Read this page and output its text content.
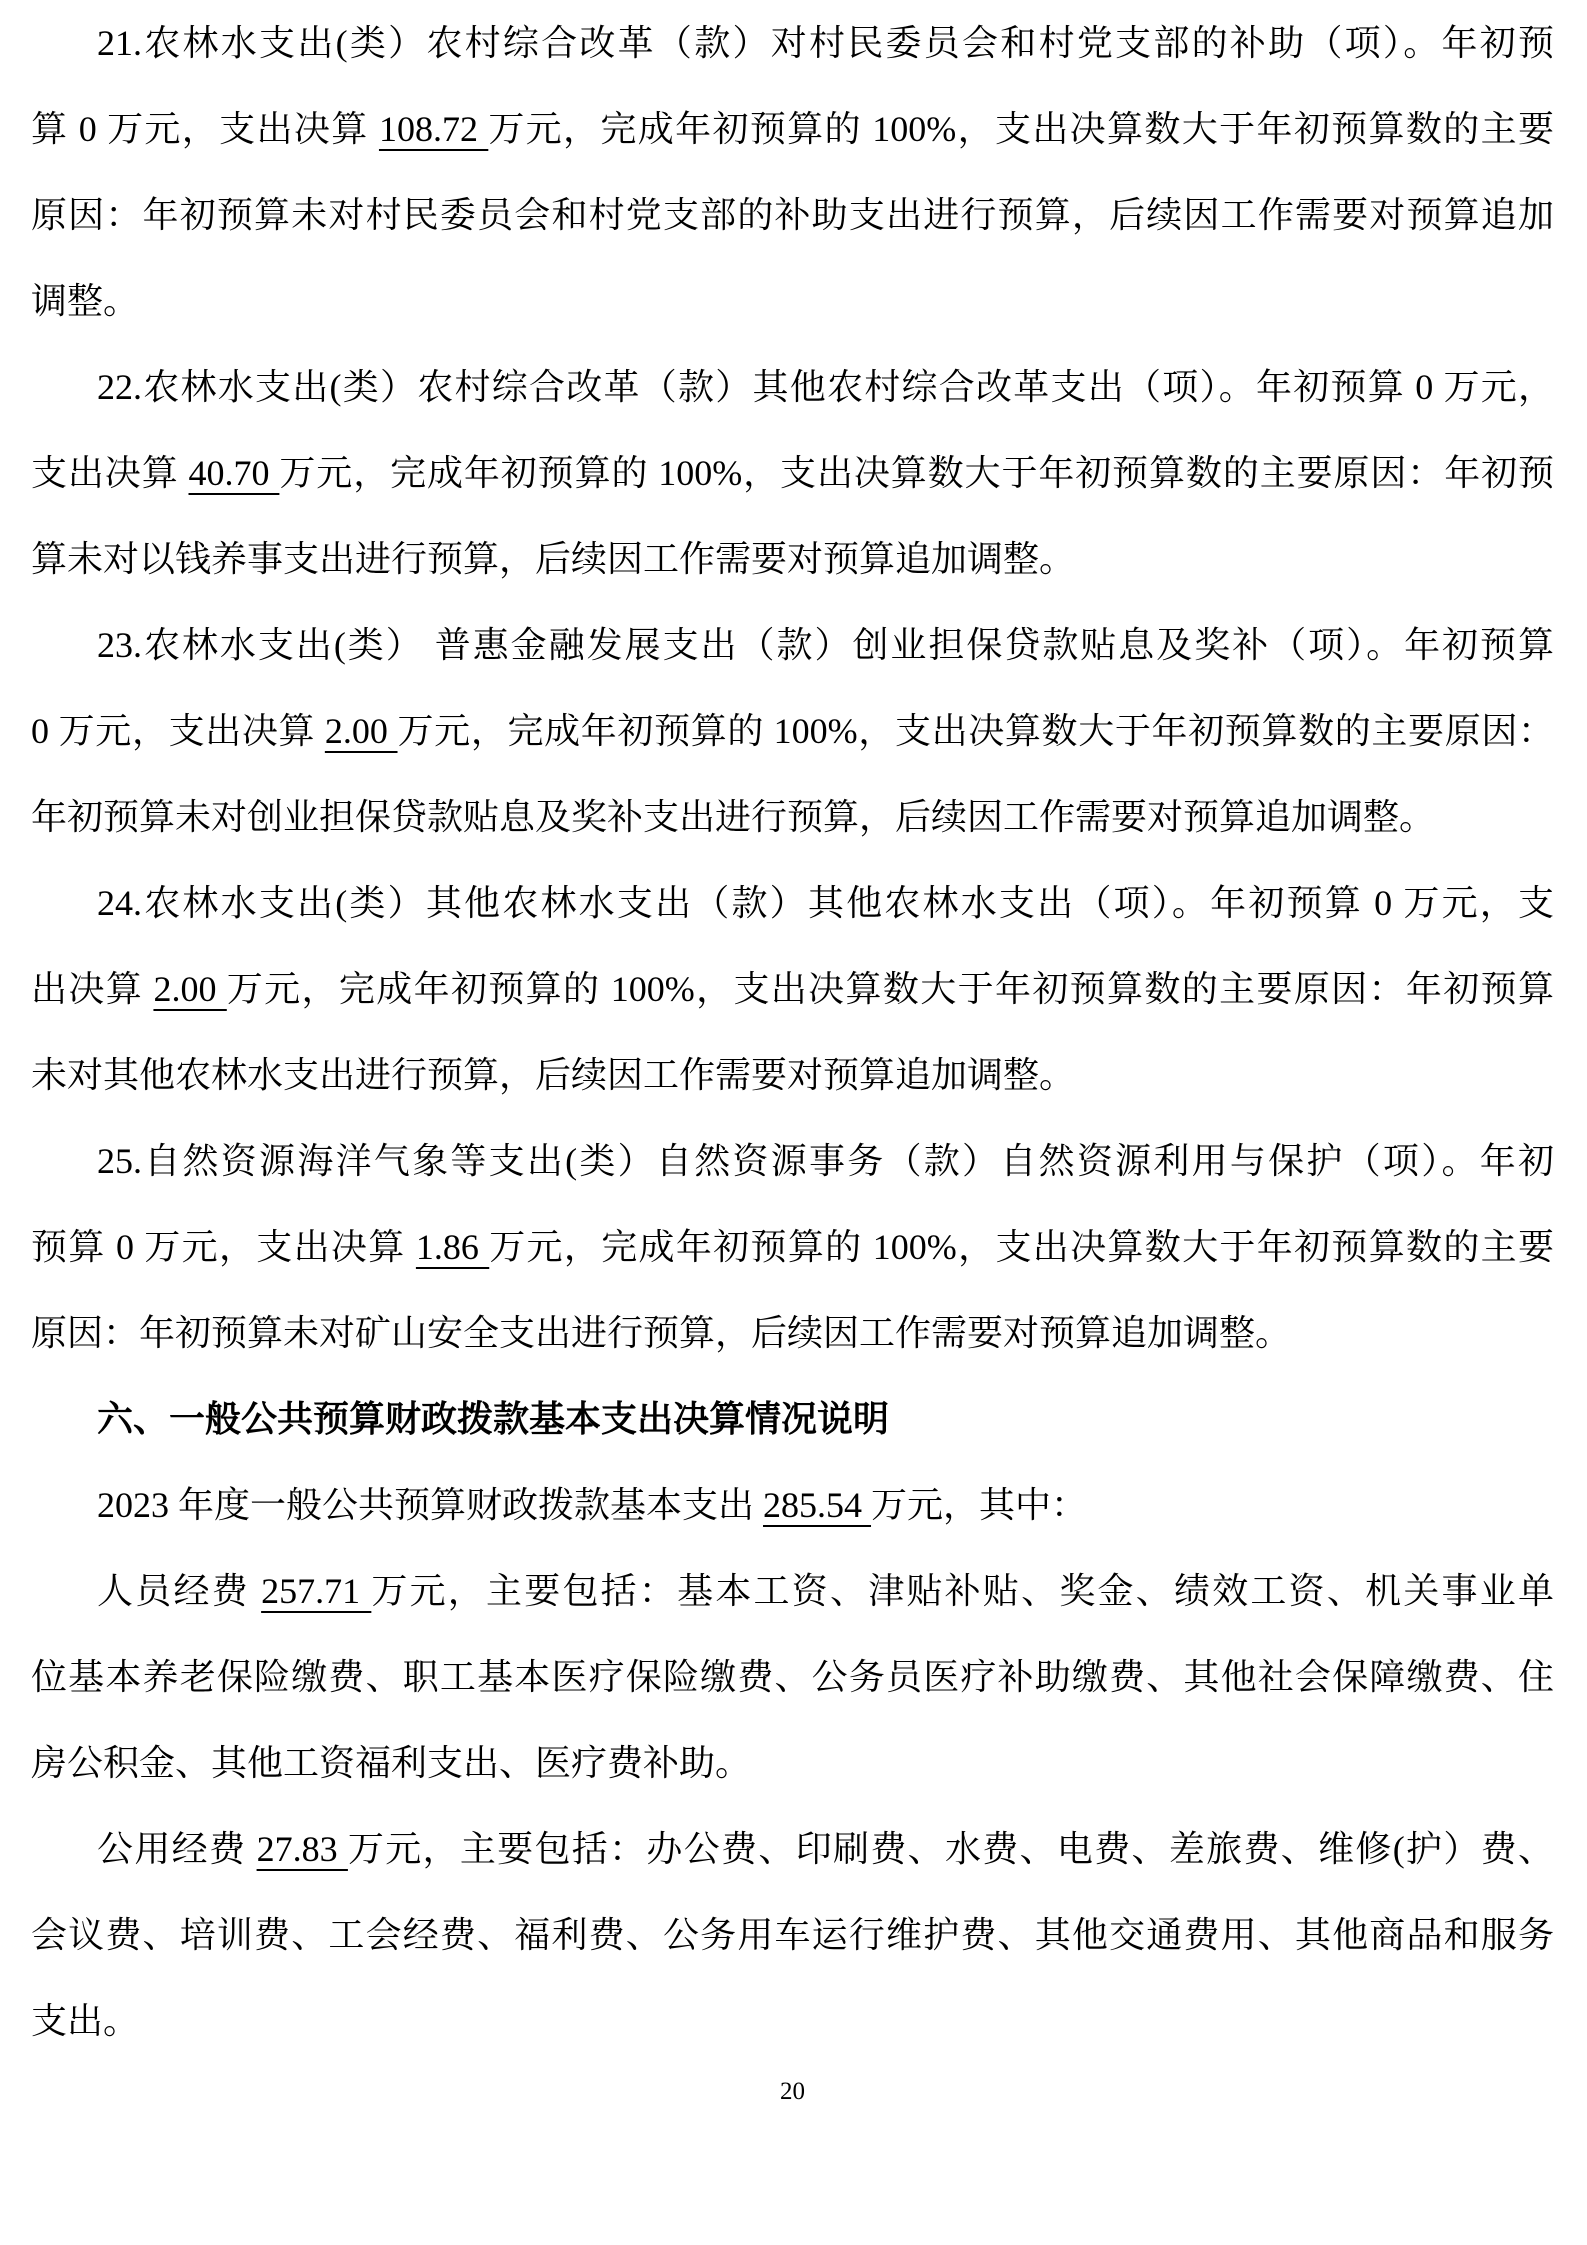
21.农林水支出(类）农村综合改革（款）对村民委员会和村党支部的补助（项）。年初预
算 0 万元，支出决算 108.72 万元，完成年初预算的 100%，支出决算数大于年初预算数的主要
原因：年初预算未对村民委员会和村党支部的补助支出进行预算，后续因工作需要对预算追加
调整。
22.农林水支出(类）农村综合改革（款）其他农村综合改革支出（项）。年初预算 0 万元，
支出决算 40.70 万元，完成年初预算的 100%，支出决算数大于年初预算数的主要原因：年初预
算未对以钱养事支出进行预算，后续因工作需要对预算追加调整。
23.农林水支出(类） 普惠金融发展支出（款）创业担保贷款贴息及奖补（项）。年初预算
0 万元，支出决算 2.00 万元，完成年初预算的 100%，支出决算数大于年初预算数的主要原因：
年初预算未对创业担保贷款贴息及奖补支出进行预算，后续因工作需要对预算追加调整。
24.农林水支出(类）其他农林水支出（款）其他农林水支出（项）。年初预算 0 万元，支
出决算 2.00 万元，完成年初预算的 100%，支出决算数大于年初预算数的主要原因：年初预算
未对其他农林水支出进行预算，后续因工作需要对预算追加调整。
25.自然资源海洋气象等支出(类）自然资源事务（款）自然资源利用与保护（项）。年初
预算 0 万元，支出决算 1.86 万元，完成年初预算的 100%，支出决算数大于年初预算数的主要
原因：年初预算未对矿山安全支出进行预算，后续因工作需要对预算追加调整。
六、一般公共预算财政拨款基本支出决算情况说明
2023 年度一般公共预算财政拨款基本支出 285.54 万元，其中：
人员经费 257.71 万元，主要包括：基本工资、津贴补贴、奖金、绩效工资、机关事业单
位基本养老保险缴费、职工基本医疗保险缴费、公务员医疗补助缴费、其他社会保障缴费、住
房公积金、其他工资福利支出、医疗费补助。
公用经费 27.83 万元，主要包括：办公费、印刷费、水费、电费、差旅费、维修(护）费、
会议费、培训费、工会经费、福利费、公务用车运行维护费、其他交通费用、其他商品和服务
支出。
20
